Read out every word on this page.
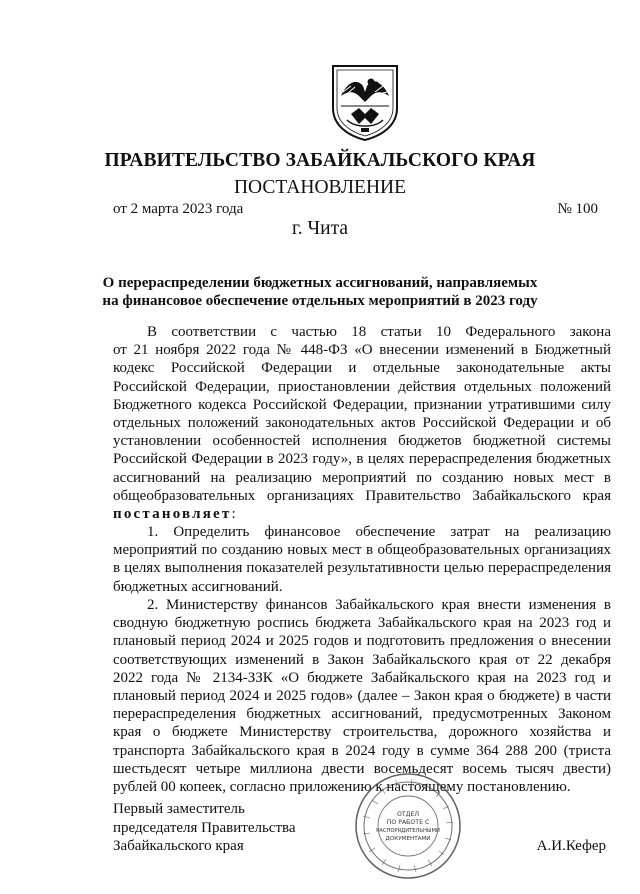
ПРАВИТЕЛЬСТВО ЗАБАЙКАЛЬСКОГО КРАЯ
ПОСТАНОВЛЕНИЕ
от 2 марта 2023 года	№ 100
г. Чита
О перераспределении бюджетных ассигнований, направляемых
на финансовое обеспечение отдельных мероприятий в 2023 году
В соответствии с частью 18 статьи 10 Федерального закона
от 21 ноября 2022 года № 448-ФЗ «О внесении изменений в Бюджетный
кодекс Российской Федерации и отдельные законодательные акты
Российской Федерации, приостановлении действия отдельных положений
Бюджетного кодекса Российской Федерации, признании утратившими силу
отдельных положений законодательных актов Российской Федерации и об
установлении особенностей исполнения бюджетов бюджетной системы
Российской Федерации в 2023 году», в целях перераспределения бюджетных
ассигнований на реализацию мероприятий по созданию новых мест в
общеобразовательных организациях Правительство Забайкальского края
постановляет:
1. Определить финансовое обеспечение затрат на реализацию
мероприятий по созданию новых мест в общеобразовательных организациях
в целях выполнения показателей результативности целью перераспределения
бюджетных ассигнований.
2. Министерству финансов Забайкальского края внести изменения в
сводную бюджетную роспись бюджета Забайкальского края на 2023 год и
плановый период 2024 и 2025 годов и подготовить предложения о внесении
соответствующих изменений в Закон Забайкальского края от 22 декабря
2022 года № 2134-ЗЗК «О бюджете Забайкальского края на 2023 год и
плановый период 2024 и 2025 годов» (далее – Закон края о бюджете) в части
перераспределения бюджетных ассигнований, предусмотренных Законом
края о бюджете Министерству строительства, дорожного хозяйства и
транспорта Забайкальского края в 2024 году в сумме 364 288 200 (триста
шестьдесят четыре миллиона двести восемьдесят восемь тысяч двести)
рублей 00 копеек, согласно приложению к настоящему постановлению.
ОТДЕЛ
ПО РАБОТЕ С
РАСПОРЯДИТЕЛЬНЫМИ
ДОКУМЕНТАМИ
Первый заместитель
председателя Правительства
Забайкальского края	А.И.Кефер
